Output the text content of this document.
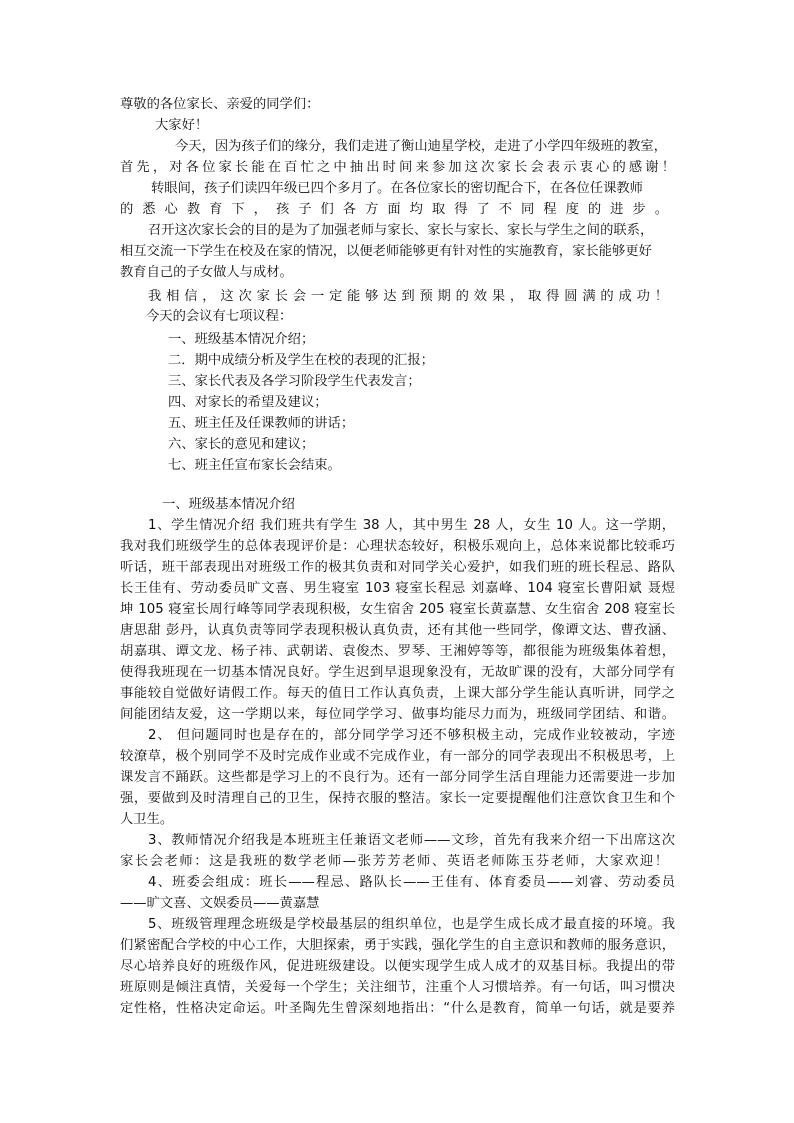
尊敬的各位家长、亲爱的同学们：
大家好！
今天，因为孩子们的缘分，我们走进了衡山迪星学校，走进了小学四年级班的教室，
首先，对各位家长能在百忙之中抽出时间来参加这次家长会表示衷心的感谢！
转眼间，孩子们读四年级已四个多月了。在各位家长的密切配合下，在各位任课教师
的悉心教育下，孩子们各方面均取得了不同程度的进步。
召开这次家长会的目的是为了加强老师与家长、家长与家长、家长与学生之间的联系，
相互交流一下学生在校及在家的情况，以便老师能够更有针对性的实施教育，家长能够更好
教育自己的子女做人与成材。
我相信，这次家长会一定能够达到预期的效果，取得圆满的成功！
今天的会议有七项议程：
一、班级基本情况介绍；
二．期中成绩分析及学生在校的表现的汇报；
三、家长代表及各学习阶段学生代表发言；
四、对家长的希望及建议；
五、班主任及任课教师的讲话；
六、家长的意见和建议；
七、班主任宣布家长会结束。
一、班级基本情况介绍
1、学生情况介绍 我们班共有学生 38 人，其中男生 28 人，女生 10 人。这一学期，
我对我们班级学生的总体表现评价是：心理状态较好，积极乐观向上，总体来说都比较乖巧
听话，班干部表现出对班级工作的极其负责和对同学关心爱护，如我们班的班长程忌、路队
长王佳有、劳动委员旷文喜、男生寝室 103 寝室长程忌 刘嘉峰、104 寝室长曹阳斌 聂煜
坤 105 寝室长周行峰等同学表现积极，女生宿舍 205 寝室长黄嘉慧、女生宿舍 208 寝室长
唐思甜 彭丹，认真负责等同学表现积极认真负责，还有其他一些同学，像谭文达、曹孜涵、
胡嘉琪、谭文龙、杨子祎、武朝诺、袁俊杰、罗琴、王湘婷等等，都很能为班级集体着想，
使得我班现在一切基本情况良好。学生迟到早退现象没有，无故旷课的没有，大部分同学有
事能较自觉做好请假工作。每天的值日工作认真负责，上课大部分学生能认真听讲，同学之
间能团结友爱，这一学期以来，每位同学学习、做事均能尽力而为，班级同学团结、和谐。
2、 但问题同时也是存在的，部分同学学习还不够积极主动，完成作业较被动，字迹
较潦草，极个别同学不及时完成作业或不完成作业，有一部分的同学表现出不积极思考，上
课发言不踊跃。这些都是学习上的不良行为。还有一部分同学生活自理能力还需要进一步加
强，要做到及时清理自己的卫生，保持衣服的整洁。家长一定要提醒他们注意饮食卫生和个
人卫生。
3、教师情况介绍我是本班班主任兼语文老师——文珍，首先有我来介绍一下出席这次
家长会老师：这是我班的数学老师—张芳芳老师、英语老师陈玉芬老师，大家欢迎！
4、班委会组成：班长——程忌、路队长——王佳有、体育委员——刘睿、劳动委员
——旷文喜、文娱委员——黄嘉慧
5、班级管理理念班级是学校最基层的组织单位，也是学生成长成才最直接的环境。我
们紧密配合学校的中心工作，大胆探索，勇于实践，强化学生的自主意识和教师的服务意识，
尽心培养良好的班级作风，促进班级建设。以便实现学生成人成才的双基目标。我提出的带
班原则是倾注真情，关爱每一个学生；关注细节，注重个人习惯培养。有一句话，叫习惯决
定性格，性格决定命运。叶圣陶先生曾深刻地指出：“什么是教育，简单一句话，就是要养
